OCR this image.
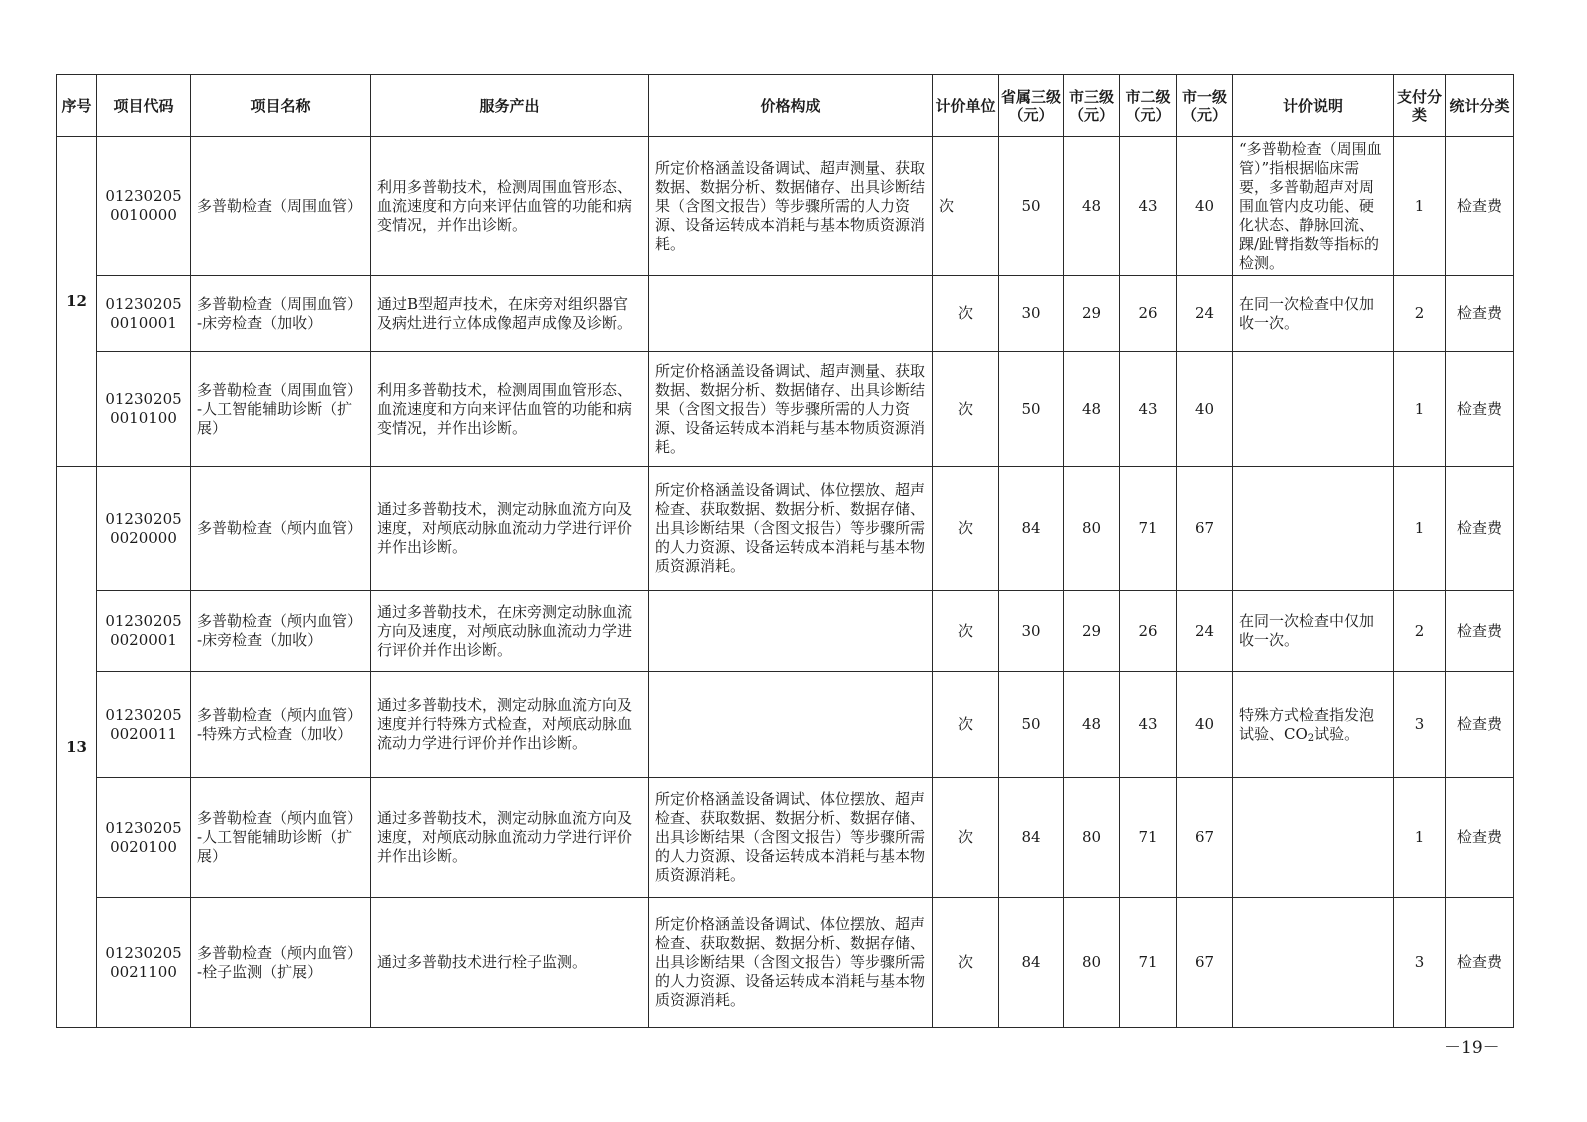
序号	项目代码	项目名称	服务产出	价格构成	计价单位	省属三级（元）	市三级（元）	市二级（元）	市一级（元）	计价说明	支付分类	统计分类
12	012302050010000	多普勒检查（周围血管）	利用多普勒技术，检测周围血管形态、血流速度和方向来评估血管的功能和病变情况，并作出诊断。	所定价格涵盖设备调试、超声测量、获取数据、数据分析、数据储存、出具诊断结果（含图文报告）等步骤所需的人力资源、设备运转成本消耗与基本物质资源消耗。	次	50	48	43	40	“多普勒检查（周围血管）”指根据临床需要，多普勒超声对周围血管内皮功能、硬化状态、静脉回流、踝/趾臂指数等指标的检测。	1	检查费
	012302050010001	多普勒检查（周围血管）-床旁检查（加收）	通过B型超声技术，在床旁对组织器官及病灶进行立体成像超声成像及诊断。		次	30	29	26	24	在同一次检查中仅加收一次。	2	检查费
	012302050010100	多普勒检查（周围血管）-人工智能辅助诊断（扩展）	利用多普勒技术，检测周围血管形态、血流速度和方向来评估血管的功能和病变情况，并作出诊断。	所定价格涵盖设备调试、超声测量、获取数据、数据分析、数据储存、出具诊断结果（含图文报告）等步骤所需的人力资源、设备运转成本消耗与基本物质资源消耗。	次	50	48	43	40		1	检查费
13	012302050020000	多普勒检查（颅内血管）	通过多普勒技术，测定动脉血流方向及速度，对颅底动脉血流动力学进行评价并作出诊断。	所定价格涵盖设备调试、体位摆放、超声检查、获取数据、数据分析、数据存储、出具诊断结果（含图文报告）等步骤所需的人力资源、设备运转成本消耗与基本物质资源消耗。	次	84	80	71	67		1	检查费
	012302050020001	多普勒检查（颅内血管）-床旁检查（加收）	通过多普勒技术，在床旁测定动脉血流方向及速度，对颅底动脉血流动力学进行评价并作出诊断。		次	30	29	26	24	在同一次检查中仅加收一次。	2	检查费
	012302050020011	多普勒检查（颅内血管）-特殊方式检查（加收）	通过多普勒技术，测定动脉血流方向及速度并行特殊方式检查，对颅底动脉血流动力学进行评价并作出诊断。		次	50	48	43	40	特殊方式检查指发泡试验、$CO_2$试验。	3	检查费
	012302050020100	多普勒检查（颅内血管）-人工智能辅助诊断（扩展）	通过多普勒技术，测定动脉血流方向及速度，对颅底动脉血流动力学进行评价并作出诊断。	所定价格涵盖设备调试、体位摆放、超声检查、获取数据、数据分析、数据存储、出具诊断结果（含图文报告）等步骤所需的人力资源、设备运转成本消耗与基本物质资源消耗。	次	84	80	71	67		1	检查费
	012302050021100	多普勒检查（颅内血管）-栓子监测（扩展）	通过多普勒技术进行栓子监测。	所定价格涵盖设备调试、体位摆放、超声检查、获取数据、数据分析、数据存储、出具诊断结果（含图文报告）等步骤所需的人力资源、设备运转成本消耗与基本物质资源消耗。	次	84	80	71	67		3	检查费
－19－
